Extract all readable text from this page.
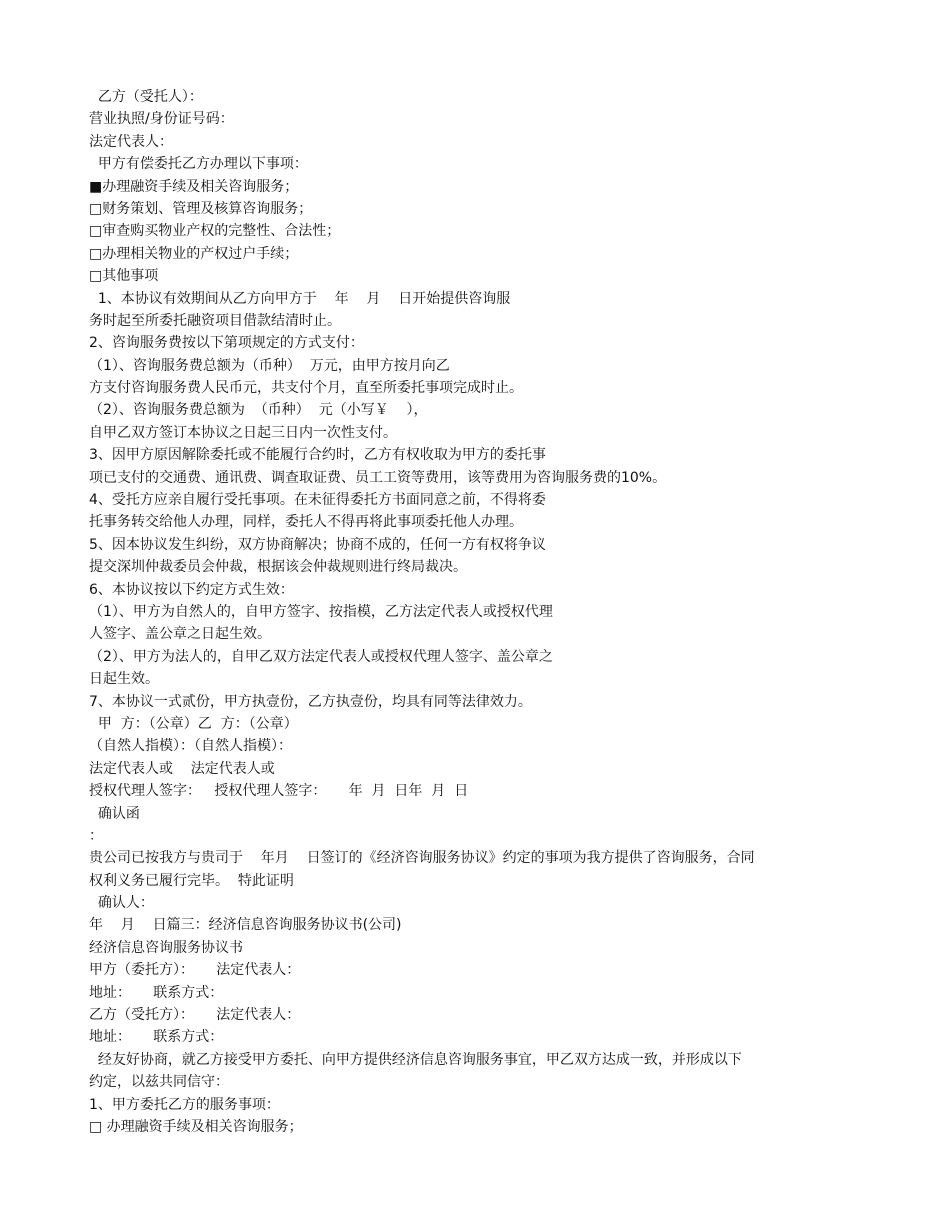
乙方（受托人）：
营业执照/身份证号码：
法定代表人：
甲方有偿委托乙方办理以下事项：
■办理融资手续及相关咨询服务；
□财务策划、管理及核算咨询服务；
□审查购买物业产权的完整性、合法性；
□办理相关物业的产权过户手续；
□其他事项
1、本协议有效期间从乙方向甲方于    年    月    日开始提供咨询服
务时起至所委托融资项目借款结清时止。
2、咨询服务费按以下第项规定的方式支付：
（1）、咨询服务费总额为（币种）  万元，由甲方按月向乙
方支付咨询服务费人民币元，共支付个月，直至所委托事项完成时止。
（2）、咨询服务费总额为  （币种）  元（小写￥    ），
自甲乙双方签订本协议之日起三日内一次性支付。
3、因甲方原因解除委托或不能履行合约时，乙方有权收取为甲方的委托事
项已支付的交通费、通讯费、调查取证费、员工工资等费用，该等费用为咨询服务费的10%。
4、受托方应亲自履行受托事项。在未征得委托方书面同意之前，不得将委
托事务转交给他人办理，同样，委托人不得再将此事项委托他人办理。
5、因本协议发生纠纷，双方协商解决；协商不成的，任何一方有权将争议
提交深圳仲裁委员会仲裁，根据该会仲裁规则进行终局裁决。
6、本协议按以下约定方式生效：
（1）、甲方为自然人的，自甲方签字、按指模，乙方法定代表人或授权代理
人签字、盖公章之日起生效。
（2）、甲方为法人的，自甲乙双方法定代表人或授权代理人签字、盖公章之
日起生效。
7、本协议一式贰份，甲方执壹份，乙方执壹份，均具有同等法律效力。
甲  方：（公章）乙  方：（公章）
（自然人指模）：（自然人指模）：
法定代表人或    法定代表人或
授权代理人签字：   授权代理人签字：     年  月  日年  月  日
确认函
：
贵公司已按我方与贵司于    年月    日签订的《经济咨询服务协议》约定的事项为我方提供了咨询服务，合同
权利义务已履行完毕。  特此证明
确认人：
年    月    日篇三：经济信息咨询服务协议书(公司)
经济信息咨询服务协议书
甲方（委托方）：     法定代表人：
地址：     联系方式：
乙方（受托方）：     法定代表人：
地址：     联系方式：
经友好协商，就乙方接受甲方委托、向甲方提供经济信息咨询服务事宜，甲乙双方达成一致，并形成以下
约定，以兹共同信守：
1、甲方委托乙方的服务事项：
□ 办理融资手续及相关咨询服务；
